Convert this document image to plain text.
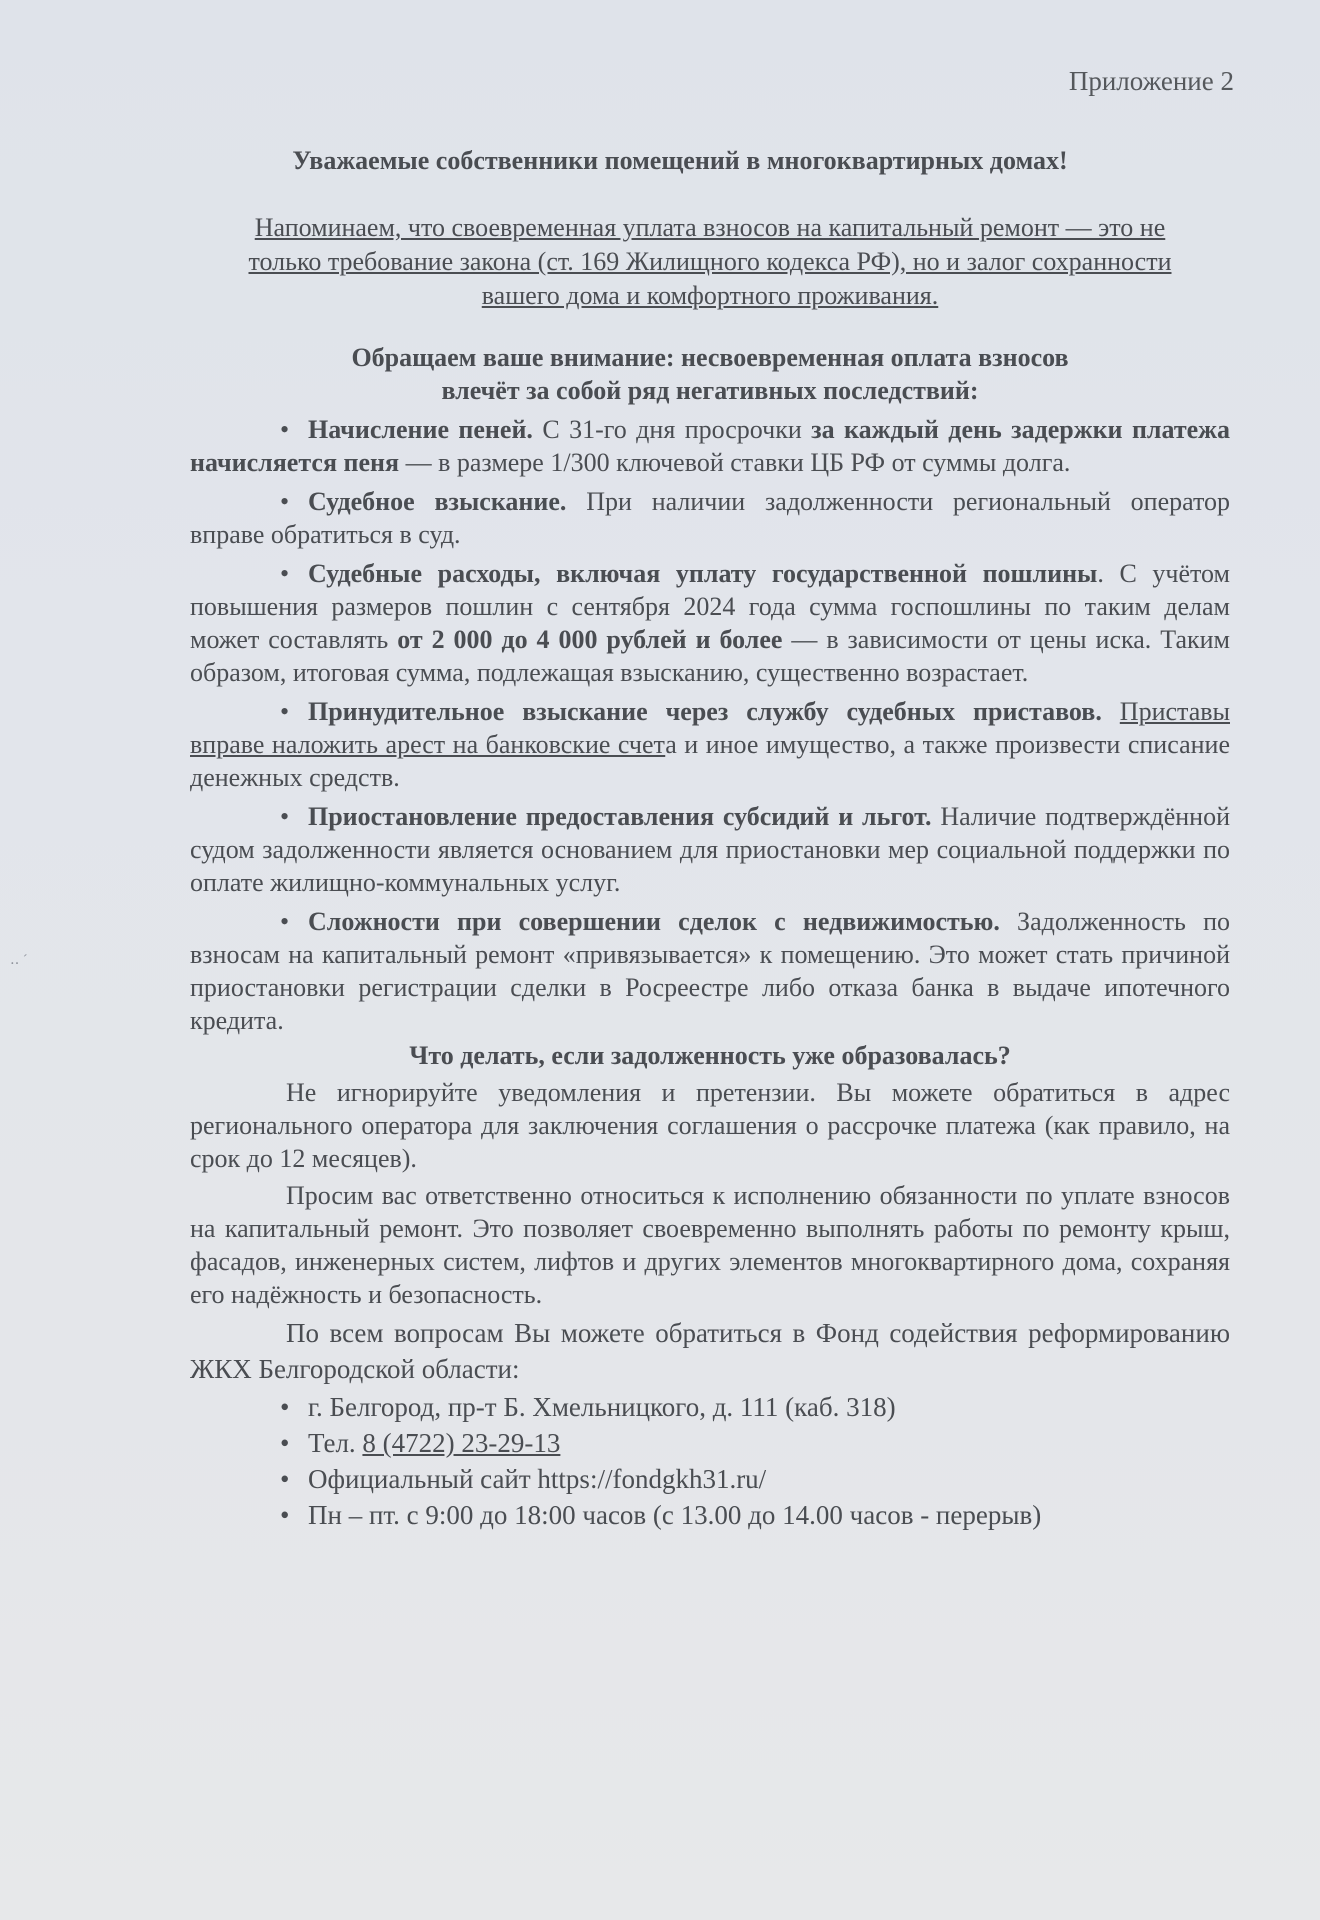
Приложение 2
Уважаемые собственники помещений в многоквартирных домах!
Напоминаем, что своевременная уплата взносов на капитальный ремонт — это не только требование закона (ст. 169 Жилищного кодекса РФ), но и залог сохранности вашего дома и комфортного проживания.
Обращаем ваше внимание: несвоевременная оплата взносов
влечёт за собой ряд негативных последствий:
• Начисление пеней. С 31-го дня просрочки за каждый день задержки платежа начисляется пеня — в размере 1/300 ключевой ставки ЦБ РФ от суммы долга.
• Судебное взыскание. При наличии задолженности региональный оператор вправе обратиться в суд.
• Судебные расходы, включая уплату государственной пошлины. С учётом повышения размеров пошлин с сентября 2024 года сумма госпошлины по таким делам может составлять от 2 000 до 4 000 рублей и более — в зависимости от цены иска. Таким образом, итоговая сумма, подлежащая взысканию, существенно возрастает.
• Принудительное взыскание через службу судебных приставов. Приставы вправе наложить арест на банковские счета и иное имущество, а также произвести списание денежных средств.
• Приостановление предоставления субсидий и льгот. Наличие подтверждённой судом задолженности является основанием для приостановки мер социальной поддержки по оплате жилищно-коммунальных услуг.
• Сложности при совершении сделок с недвижимостью. Задолженность по взносам на капитальный ремонт «привязывается» к помещению. Это может стать причиной приостановки регистрации сделки в Росреестре либо отказа банка в выдаче ипотечного кредита.
Что делать, если задолженность уже образовалась?
Не игнорируйте уведомления и претензии. Вы можете обратиться в адрес регионального оператора для заключения соглашения о рассрочке платежа (как правило, на срок до 12 месяцев).
Просим вас ответственно относиться к исполнению обязанности по уплате взносов на капитальный ремонт. Это позволяет своевременно выполнять работы по ремонту крыш, фасадов, инженерных систем, лифтов и других элементов многоквартирного дома, сохраняя его надёжность и безопасность.
По всем вопросам Вы можете обратиться в Фонд содействия реформированию ЖКХ Белгородской области:
• г. Белгород, пр-т Б. Хмельницкого, д. 111 (каб. 318)
• Тел. 8 (4722) 23-29-13
• Официальный сайт https://fondgkh31.ru/
• Пн – пт. с 9:00 до 18:00 часов (с 13.00 до 14.00 часов - перерыв)
‥ ˊ
